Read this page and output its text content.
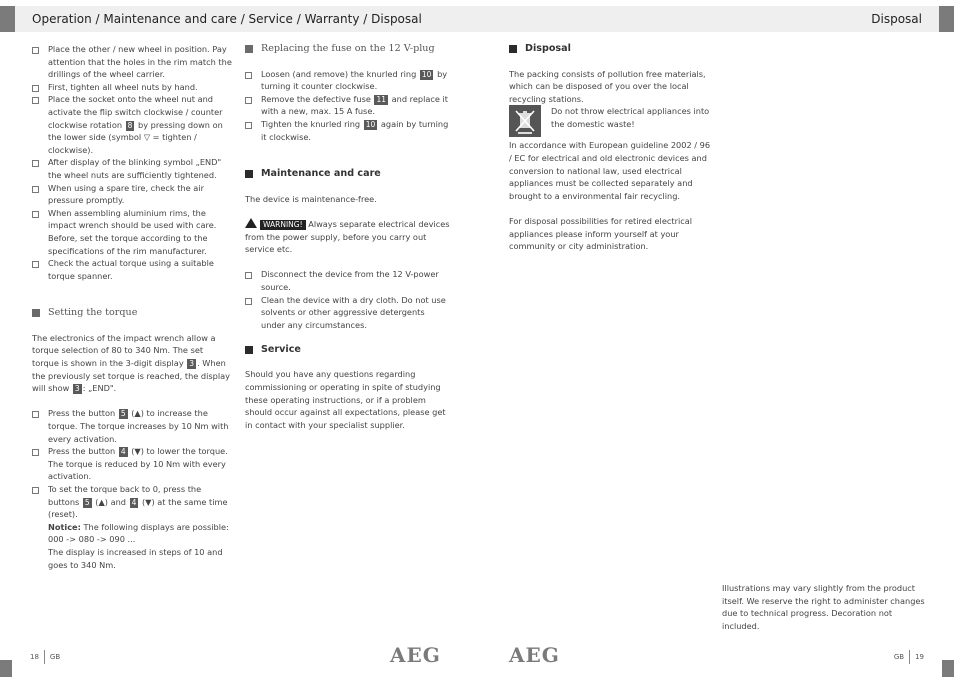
Operation / Maintenance and care / Service / Warranty / Disposal	Disposal
Place the other / new wheel in position. Pay attention that the holes in the rim match the drillings of the wheel carrier.
First, tighten all wheel nuts by hand.
Place the socket onto the wheel nut and activate the flip switch clockwise / counter clockwise rotation 8 by pressing down on the lower side (symbol ▽ = tighten / clockwise).
After display of the blinking symbol „END" the wheel nuts are sufficiently tightened.
When using a spare tire, check the air pressure promptly.
When assembling aluminium rims, the impact wrench should be used with care. Before, set the torque according to the specifications of the rim manufacturer.
Check the actual torque using a suitable torque spanner.
Setting the torque
The electronics of the impact wrench allow a torque selection of 80 to 340 Nm. The set torque is shown in the 3-digit display 3 . When the previously set torque is reached, the display will show 3 : „END".
Press the button 5 (▲) to increase the torque. The torque increases by 10 Nm with every activation.
Press the button 4 (▼) to lower the torque. The torque is reduced by 10 Nm with every activation.
To set the torque back to 0, press the buttons 5 (▲) and 4 (▼) at the same time (reset).
Notice: The following displays are possible: 000 -> 080 -> 090 ...
The display is increased in steps of 10 and goes to 340 Nm.
Replacing the fuse on the 12 V-plug
Loosen (and remove) the knurled ring 10 by turning it counter clockwise.
Remove the defective fuse 11 and replace it with a new, max. 15 A fuse.
Tighten the knurled ring 10 again by turning it clockwise.
Maintenance and care
The device is maintenance-free.
WARNING! Always separate electrical devices from the power supply, before you carry out service etc.
Disconnect the device from the 12 V-power source.
Clean the device with a dry cloth. Do not use solvents or other aggressive detergents under any circumstances.
Service
Should you have any questions regarding commissioning or operating in spite of studying these operating instructions, or if a problem should occur against all expectations, please get in contact with your specialist supplier.
Disposal
The packing consists of pollution free materials, which can be disposed of you over the local recycling stations.
Do not throw electrical appliances into the domestic waste!
In accordance with European guideline 2002 / 96 / EC for electrical and old electronic devices and conversion to national law, used electrical appliances must be collected separately and brought to a environmental fair recycling.
For disposal possibilities for retired electrical appliances please inform yourself at your community or city administration.
Illustrations may vary slightly from the product itself. We reserve the right to administer changes due to technical progress. Decoration not included.
18 GB	AEG	AEG	GB 19
